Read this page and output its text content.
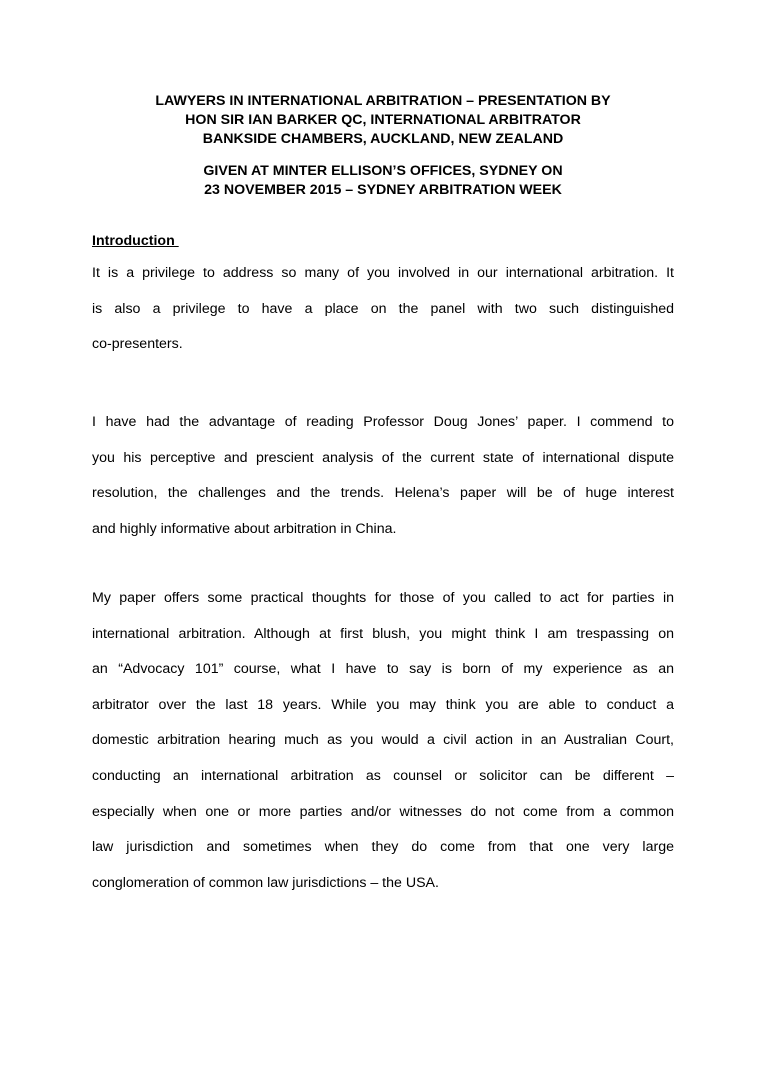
LAWYERS IN INTERNATIONAL ARBITRATION – PRESENTATION BY
HON SIR IAN BARKER QC, INTERNATIONAL ARBITRATOR
BANKSIDE CHAMBERS, AUCKLAND, NEW ZEALAND
GIVEN AT MINTER ELLISON’S OFFICES, SYDNEY ON
23 NOVEMBER 2015 – SYDNEY ARBITRATION WEEK
Introduction
It is a privilege to address so many of you involved in our international arbitration. It
is also a privilege to have a place on the panel with two such distinguished
co-presenters.
I have had the advantage of reading Professor Doug Jones’ paper. I commend to
you his perceptive and prescient analysis of the current state of international dispute
resolution, the challenges and the trends. Helena’s paper will be of huge interest
and highly informative about arbitration in China.
My paper offers some practical thoughts for those of you called to act for parties in
international arbitration. Although at first blush, you might think I am trespassing on
an “Advocacy 101” course, what I have to say is born of my experience as an
arbitrator over the last 18 years. While you may think you are able to conduct a
domestic arbitration hearing much as you would a civil action in an Australian Court,
conducting an international arbitration as counsel or solicitor can be different –
especially when one or more parties and/or witnesses do not come from a common
law jurisdiction and sometimes when they do come from that one very large
conglomeration of common law jurisdictions – the USA.
